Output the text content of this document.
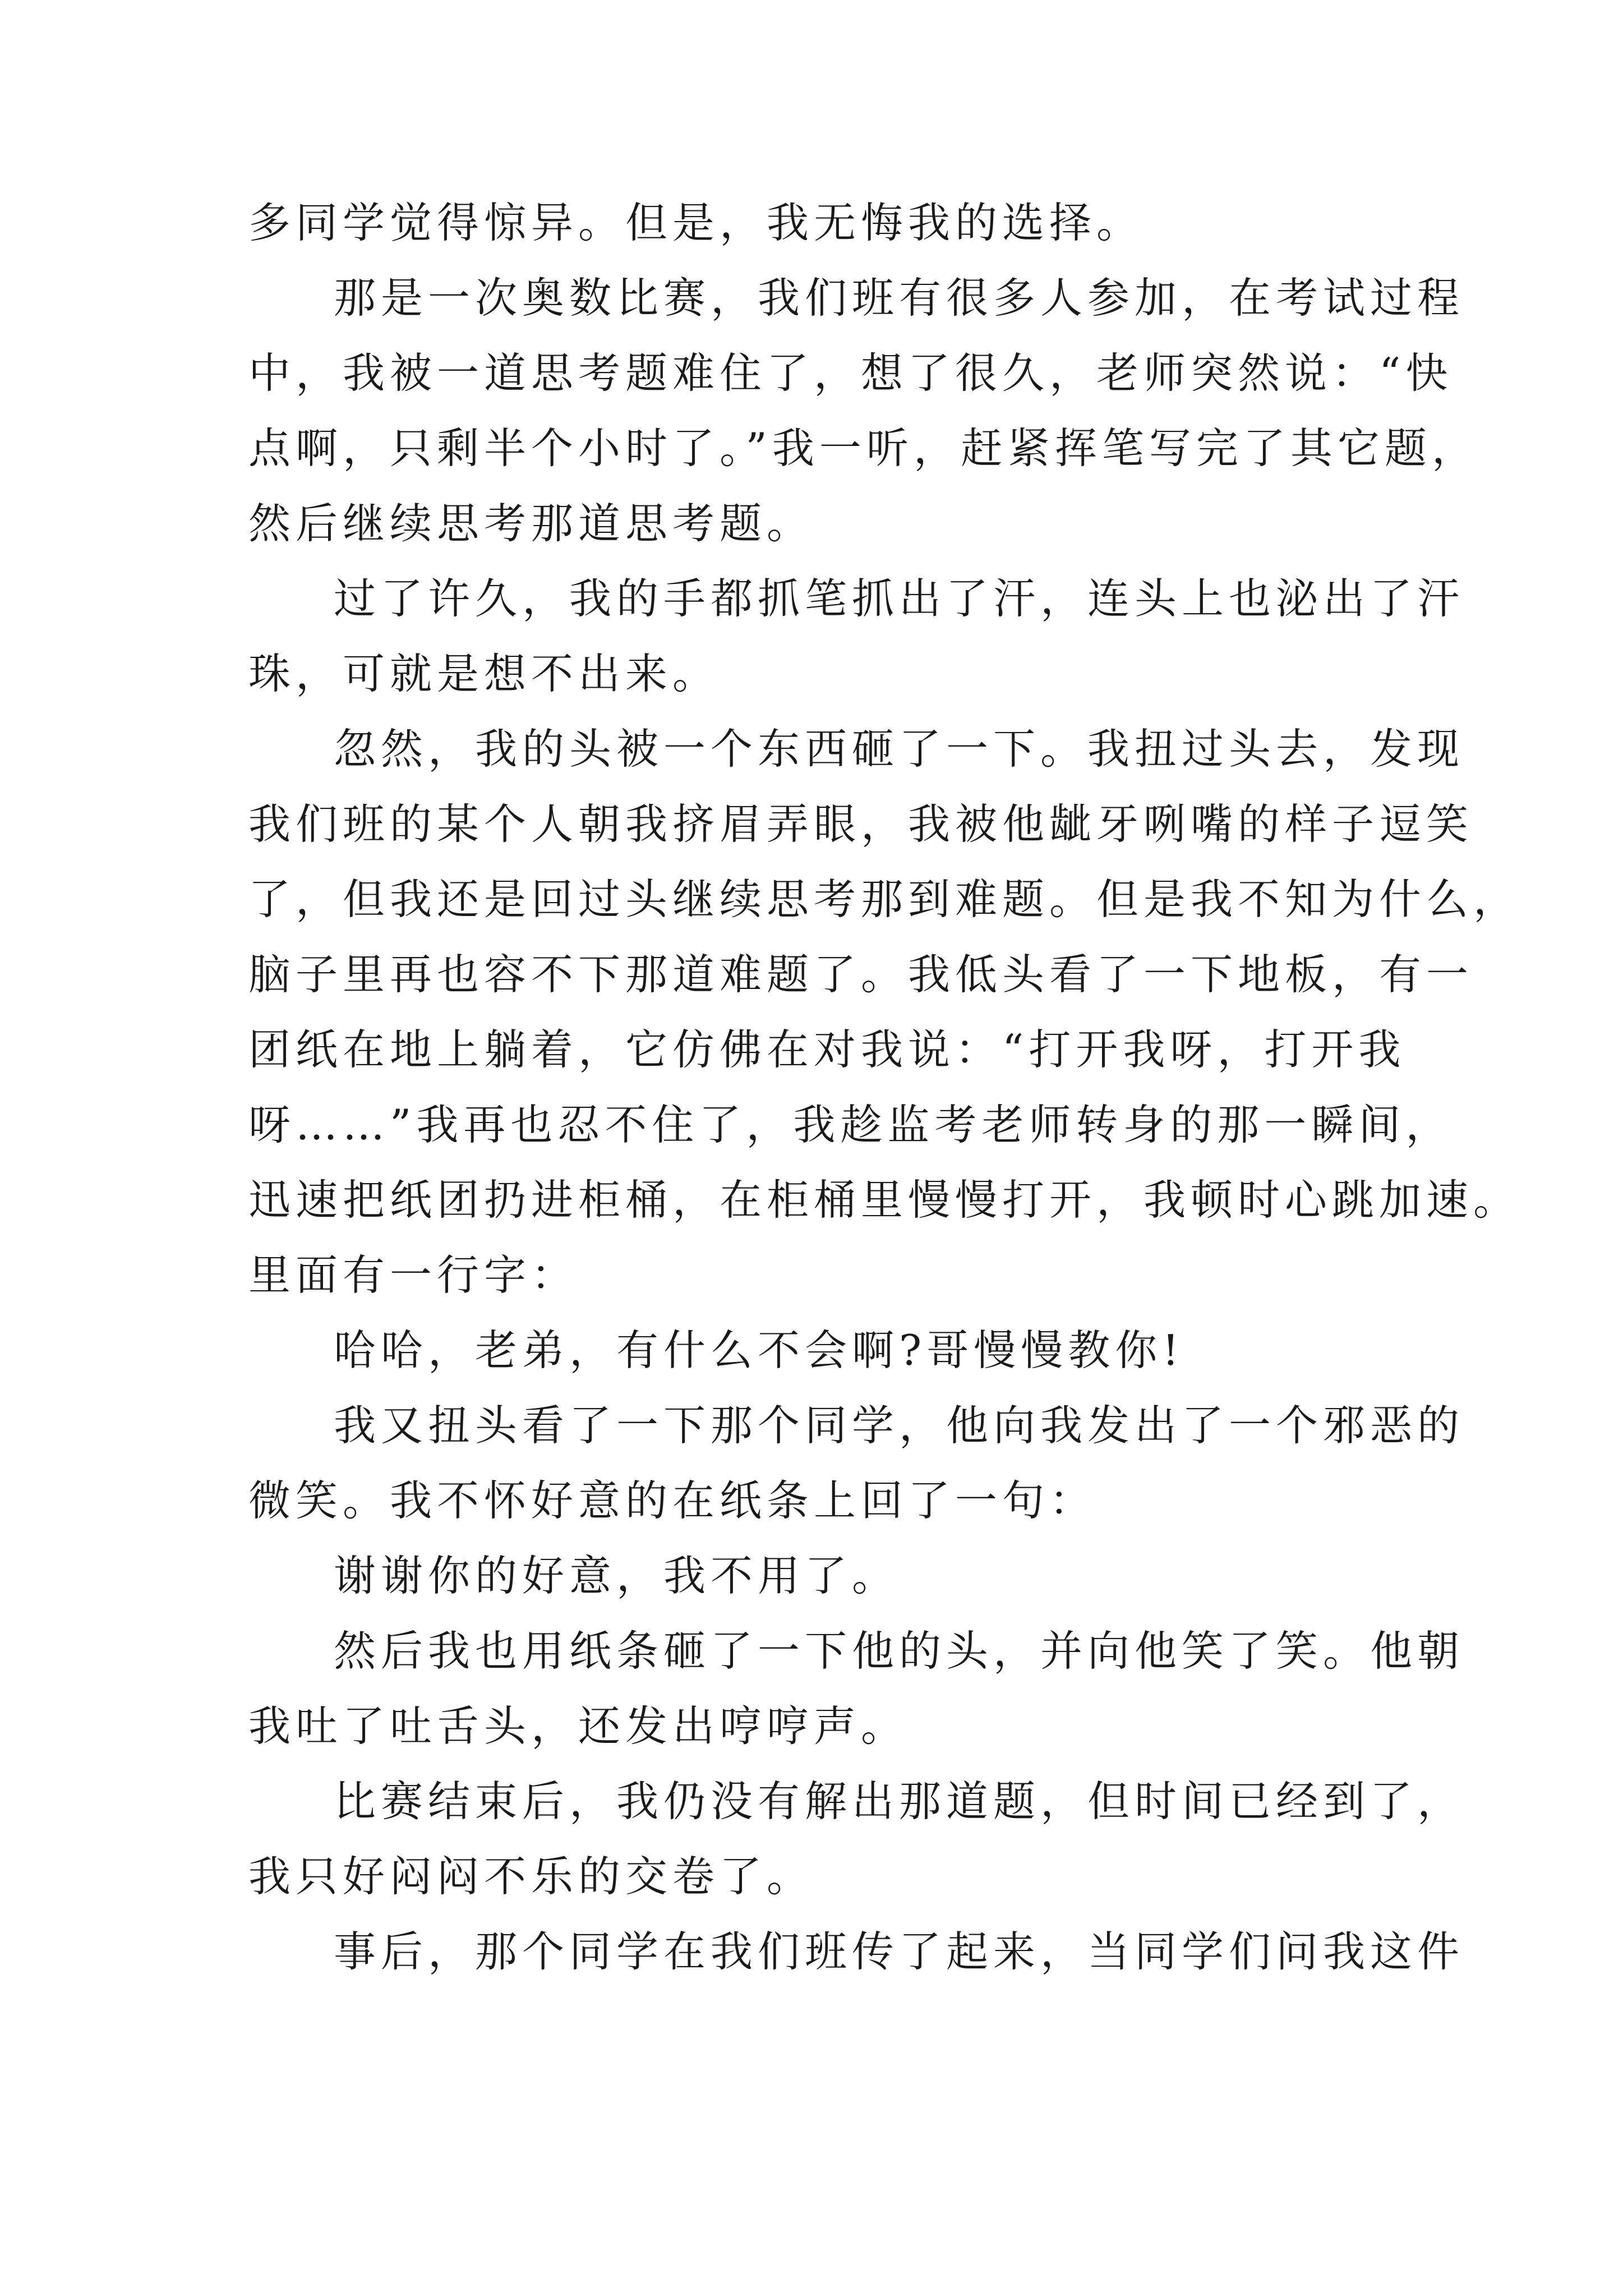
多同学觉得惊异。但是，我无悔我的选择。
那是一次奥数比赛，我们班有很多人参加，在考试过程
中，我被一道思考题难住了，想了很久，老师突然说：“快
点啊，只剩半个小时了。”我一听，赶紧挥笔写完了其它题，
然后继续思考那道思考题。
过了许久，我的手都抓笔抓出了汗，连头上也泌出了汗
珠，可就是想不出来。
忽然，我的头被一个东西砸了一下。我扭过头去，发现
我们班的某个人朝我挤眉弄眼，我被他龇牙咧嘴的样子逗笑
了，但我还是回过头继续思考那到难题。但是我不知为什么，
脑子里再也容不下那道难题了。我低头看了一下地板，有一
团纸在地上躺着，它仿佛在对我说：“打开我呀，打开我
呀……”我再也忍不住了，我趁监考老师转身的那一瞬间，
迅速把纸团扔进柜桶，在柜桶里慢慢打开，我顿时心跳加速。
里面有一行字：
哈哈，老弟，有什么不会啊?哥慢慢教你!
我又扭头看了一下那个同学，他向我发出了一个邪恶的
微笑。我不怀好意的在纸条上回了一句：
谢谢你的好意，我不用了。
然后我也用纸条砸了一下他的头，并向他笑了笑。他朝
我吐了吐舌头，还发出哼哼声。
比赛结束后，我仍没有解出那道题，但时间已经到了，
我只好闷闷不乐的交卷了。
事后，那个同学在我们班传了起来，当同学们问我这件
